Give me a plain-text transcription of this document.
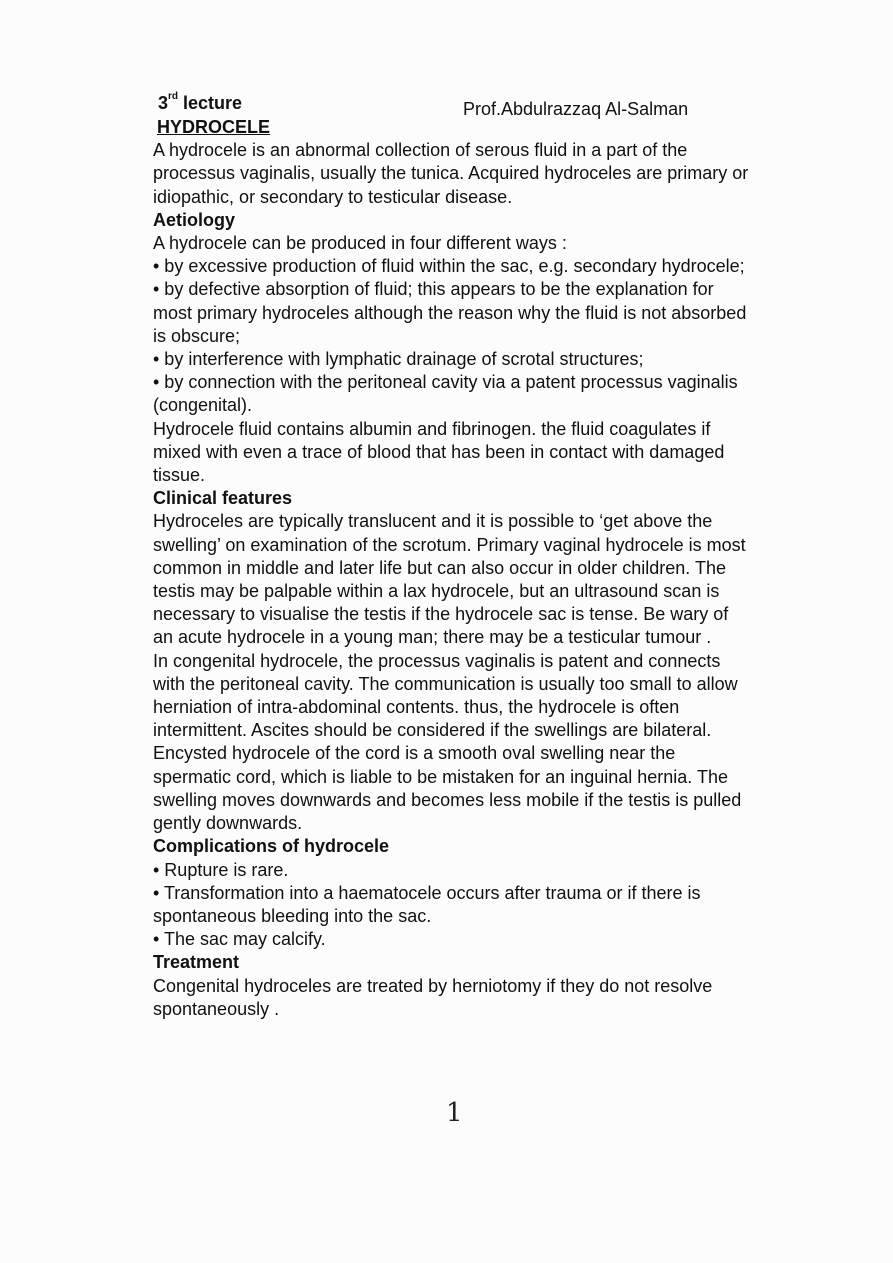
3rd lecture	Prof.Abdulrazzaq Al-Salman
HYDROCELE

A hydrocele is an abnormal collection of serous fluid in a part of the processus vaginalis, usually the tunica. Acquired hydroceles are primary or idiopathic, or secondary to testicular disease.

Aetiology

A hydrocele can be produced in four different ways :

• by excessive production of fluid within the sac, e.g. secondary hydrocele;

• by defective absorption of fluid; this appears to be the explanation for most primary hydroceles although the reason why the fluid is not absorbed is obscure;

• by interference with lymphatic drainage of scrotal structures;

• by connection with the peritoneal cavity via a patent processus vaginalis (congenital).

Hydrocele fluid contains albumin and fibrinogen. the fluid coagulates if mixed with even a trace of blood that has been in contact with damaged tissue.

Clinical features

Hydroceles are typically translucent and it is possible to ‘get above the swelling’ on examination of the scrotum. Primary vaginal hydrocele is most common in middle and later life but can also occur in older children. The testis may be palpable within a lax hydrocele, but an ultrasound scan is necessary to visualise the testis if the hydrocele sac is tense. Be wary of an acute hydrocele in a young man; there may be a testicular tumour .

In congenital hydrocele, the processus vaginalis is patent and connects with the peritoneal cavity. The communication is usually too small to allow herniation of intra-abdominal contents. thus, the hydrocele is often intermittent. Ascites should be considered if the swellings are bilateral. Encysted hydrocele of the cord is a smooth oval swelling near the spermatic cord, which is liable to be mistaken for an inguinal hernia. The swelling moves downwards and becomes less mobile if the testis is pulled gently downwards.

Complications of hydrocele

• Rupture is rare.

• Transformation into a haematocele occurs after trauma or if there is spontaneous bleeding into the sac.

• The sac may calcify.

Treatment

Congenital hydroceles are treated by herniotomy if they do not resolve spontaneously .

1
